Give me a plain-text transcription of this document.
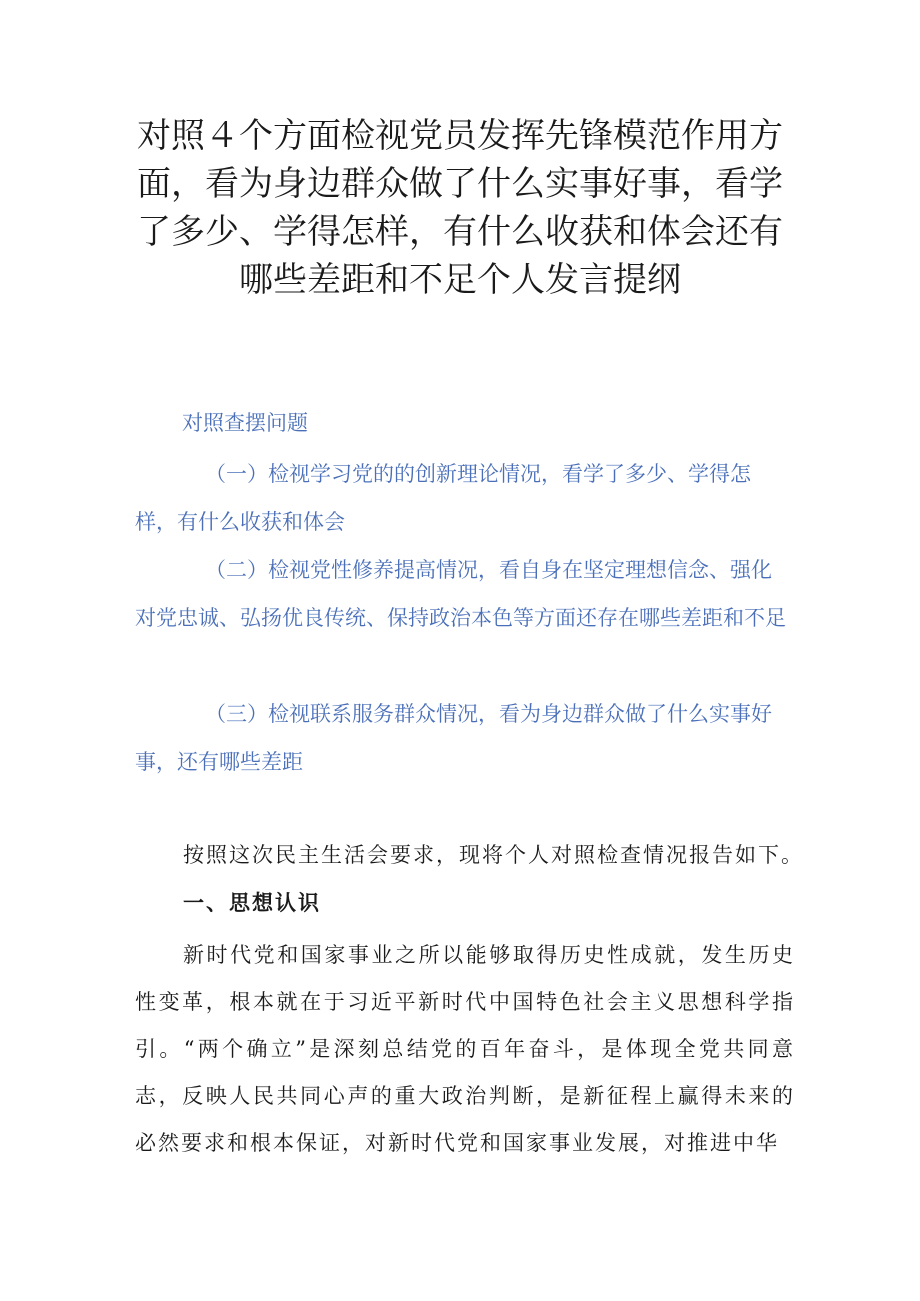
对照４个方面检视党员发挥先锋模范作用方面，看为身边群众做了什么实事好事，看学了多少、学得怎样，有什么收获和体会还有哪些差距和不足个人发言提纲
对照查摆问题

（一）检视学习党的的创新理论情况，看学了多少、学得怎样，有什么收获和体会

（二）检视党性修养提高情况，看自身在坚定理想信念、强化对党忠诚、弘扬优良传统、保持政治本色等方面还存在哪些差距和不足

（三）检视联系服务群众情况，看为身边群众做了什么实事好事，还有哪些差距

按照这次民主生活会要求，现将个人对照检查情况报告如下。
一、思想认识

新时代党和国家事业之所以能够取得历史性成就，发生历史性变革，根本就在于习近平新时代中国特色社会主义思想科学指引。“两个确立”是深刻总结党的百年奋斗，是体现全党共同意志，反映人民共同心声的重大政治判断，是新征程上赢得未来的必然要求和根本保证，对新时代党和国家事业发展，对推进中华
